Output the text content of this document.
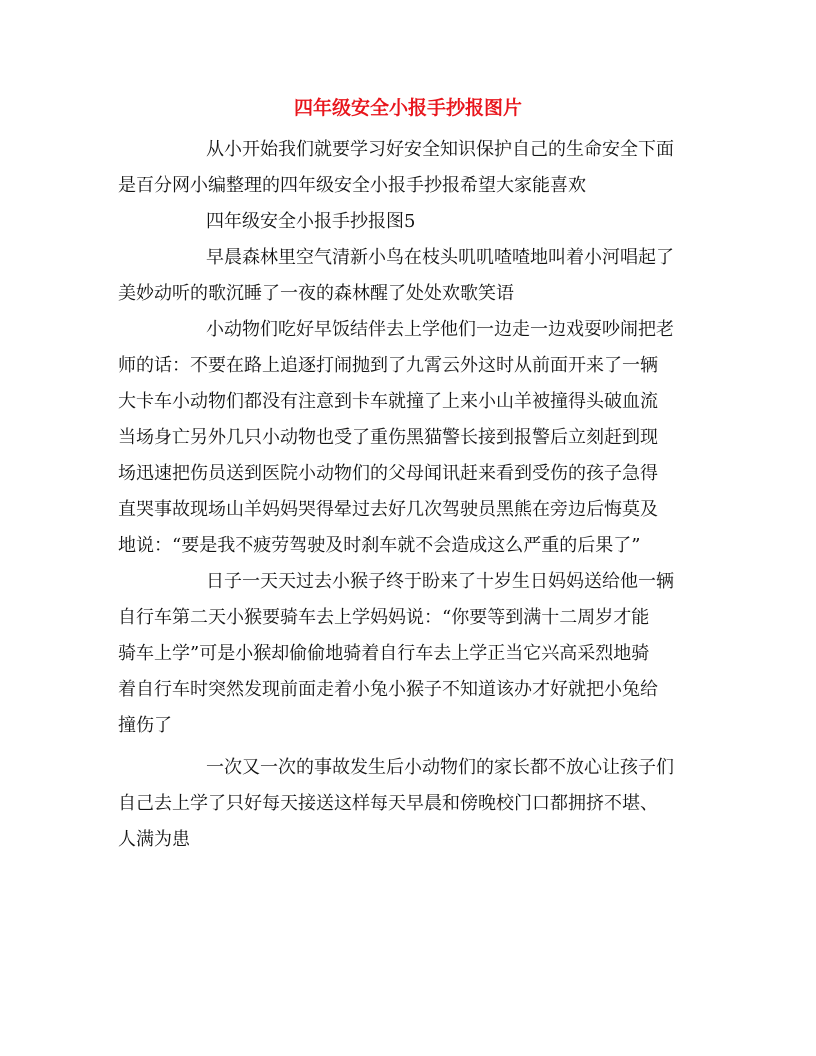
四年级安全小报手抄报图片

从小开始我们就要学习好安全知识保护自己的生命安全下面
是百分网小编整理的四年级安全小报手抄报希望大家能喜欢

四年级安全小报手抄报图5

早晨森林里空气清新小鸟在枝头叽叽喳喳地叫着小河唱起了
美妙动听的歌沉睡了一夜的森林醒了处处欢歌笑语

小动物们吃好早饭结伴去上学他们一边走一边戏耍吵闹把老
师的话：不要在路上追逐打闹抛到了九霄云外这时从前面开来了一辆
大卡车小动物们都没有注意到卡车就撞了上来小山羊被撞得头破血流
当场身亡另外几只小动物也受了重伤黑猫警长接到报警后立刻赶到现
场迅速把伤员送到医院小动物们的父母闻讯赶来看到受伤的孩子急得
直哭事故现场山羊妈妈哭得晕过去好几次驾驶员黑熊在旁边后悔莫及
地说：“要是我不疲劳驾驶及时刹车就不会造成这么严重的后果了”

日子一天天过去小猴子终于盼来了十岁生日妈妈送给他一辆
自行车第二天小猴要骑车去上学妈妈说：“你要等到满十二周岁才能
骑车上学”可是小猴却偷偷地骑着自行车去上学正当它兴高采烈地骑
着自行车时突然发现前面走着小兔小猴子不知道该办才好就把小兔给
撞伤了

一次又一次的事故发生后小动物们的家长都不放心让孩子们
自己去上学了只好每天接送这样每天早晨和傍晚校门口都拥挤不堪、
人满为患
